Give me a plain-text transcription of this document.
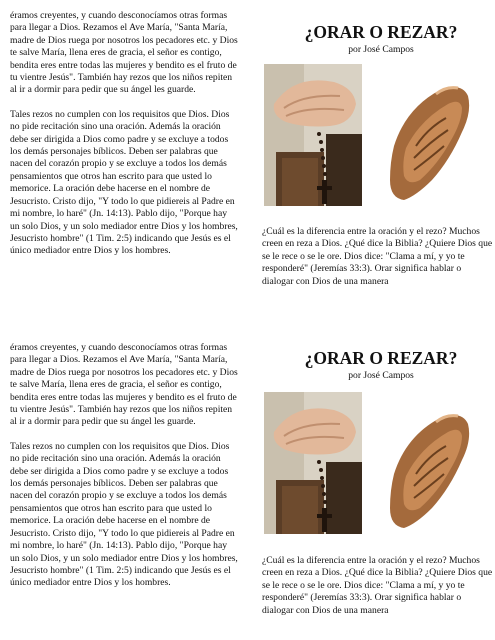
éramos creyentes, y cuando desconocíamos otras formas para llegar a Dios. Rezamos el Ave María, "Santa María, madre de Dios ruega por nosotros los pecadores etc. y Dios te salve María, llena eres de gracia, el señor es contigo, bendita eres entre todas las mujeres y bendito es el fruto de tu vientre Jesús". También hay rezos que los niños repiten al ir a dormir para pedir que su ángel les guarde.

Tales rezos no cumplen con los requisitos que Dios. Dios no pide recitación sino una oración. Además la oración debe ser dirigida a Dios como padre y se excluye a todos los demás personajes bíblicos. Deben ser palabras que nacen del corazón propio y se excluye a todos los demás pensamientos que otros han escrito para que usted lo memorice. La oración debe hacerse en el nombre de Jesucristo. Cristo dijo, "Y todo lo que pidiereis al Padre en mi nombre, lo haré" (Jn. 14:13). Pablo dijo, "Porque hay un solo Dios, y un solo mediador entre Dios y los hombres, Jesucristo hombre" (1 Tim. 2:5) indicando que Jesús es el único mediador entre Dios y los hombres.

¿ORAR O REZAR?
por José Campos
¿Cuál es la diferencia entre la oración y el rezo? Muchos creen en reza a Dios. ¿Qué dice la Biblia? ¿Quiere Dios que se le rece o se le ore. Dios dice: "Clama a mí, y yo te responderé" (Jeremías 33:3). Orar significa hablar o dialogar con Dios de una manera

éramos creyentes, y cuando desconocíamos otras formas para llegar a Dios. Rezamos el Ave María, "Santa María, madre de Dios ruega por nosotros los pecadores etc. y Dios te salve María, llena eres de gracia, el señor es contigo, bendita eres entre todas las mujeres y bendito es el fruto de tu vientre Jesús". También hay rezos que los niños repiten al ir a dormir para pedir que su ángel les guarde.

Tales rezos no cumplen con los requisitos que Dios. Dios no pide recitación sino una oración. Además la oración debe ser dirigida a Dios como padre y se excluye a todos los demás personajes bíblicos. Deben ser palabras que nacen del corazón propio y se excluye a todos los demás pensamientos que otros han escrito para que usted lo memorice. La oración debe hacerse en el nombre de Jesucristo. Cristo dijo, "Y todo lo que pidiereis al Padre en mi nombre, lo haré" (Jn. 14:13). Pablo dijo, "Porque hay un solo Dios, y un solo mediador entre Dios y los hombres, Jesucristo hombre" (1 Tim. 2:5) indicando que Jesús es el único mediador entre Dios y los hombres.

¿ORAR O REZAR?
por José Campos
¿Cuál es la diferencia entre la oración y el rezo? Muchos creen en reza a Dios. ¿Qué dice la Biblia? ¿Quiere Dios que se le rece o se le ore. Dios dice: "Clama a mí, y yo te responderé" (Jeremías 33:3). Orar significa hablar o dialogar con Dios de una manera
